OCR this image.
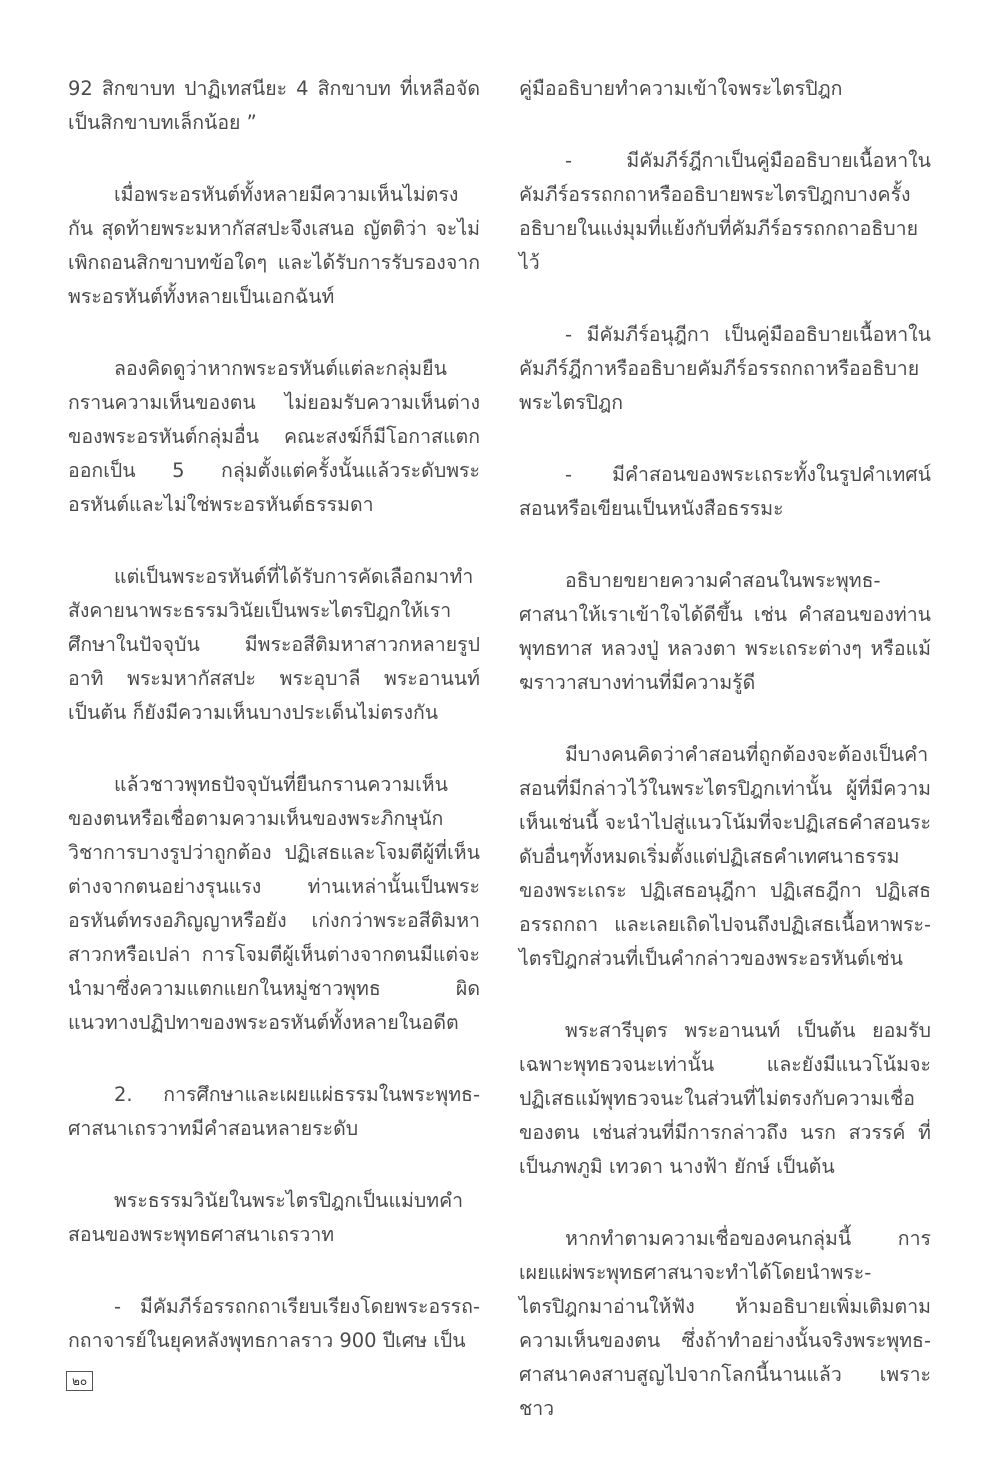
92 สิกขาบท ปาฏิเทสนียะ 4 สิกขาบท ที่เหลือจัดเป็นสิกขาบทเล็กน้อย ”

เมื่อพระอรหันต์ทั้งหลายมีความเห็นไม่ตรงกัน สุดท้ายพระมหากัสสปะจึงเสนอ ญัตติว่า จะไม่เพิกถอนสิกขาบทข้อใดๆ และได้รับการรับรองจากพระอรหันต์ทั้งหลายเป็นเอกฉันท์

ลองคิดดูว่าหากพระอรหันต์แต่ละกลุ่มยืนกรานความเห็นของตน ไม่ยอมรับความเห็นต่างของพระอรหันต์กลุ่มอื่น คณะสงฆ์ก็มีโอกาสแตกออกเป็น 5 กลุ่มตั้งแต่ครั้งนั้นแล้วระดับพระอรหันต์และไม่ใช่พระอรหันต์ธรรมดา

แต่เป็นพระอรหันต์ที่ได้รับการคัดเลือกมาทำสังคายนาพระธรรมวินัยเป็นพระไตรปิฎกให้เราศึกษาในปัจจุบัน มีพระอสีติมหาสาวกหลายรูป อาทิ พระมหากัสสปะ พระอุบาลี พระอานนท์เป็นต้น ก็ยังมีความเห็นบางประเด็นไม่ตรงกัน

แล้วชาวพุทธปัจจุบันที่ยืนกรานความเห็นของตนหรือเชื่อตามความเห็นของพระภิกษุนักวิชาการบางรูปว่าถูกต้อง ปฏิเสธและโจมตีผู้ที่เห็นต่างจากตนอย่างรุนแรง ท่านเหล่านั้นเป็นพระอรหันต์ทรงอภิญญาหรือยัง เก่งกว่าพระอสีติมหาสาวกหรือเปล่า การโจมตีผู้เห็นต่างจากตนมีแต่จะนำมาซึ่งความแตกแยกในหมู่ชาวพุทธ ผิดแนวทางปฏิปทาของพระอรหันต์ทั้งหลายในอดีต

2. การศึกษาและเผยแผ่ธรรมในพระพุทธ-ศาสนาเถรวาทมีคำสอนหลายระดับ

พระธรรมวินัยในพระไตรปิฎกเป็นแม่บทคำสอนของพระพุทธศาสนาเถรวาท

- มีคัมภีร์อรรถกถาเรียบเรียงโดยพระอรรถ-กถาจารย์ในยุคหลังพุทธกาลราว 900 ปีเศษ เป็น

คู่มืออธิบายทำความเข้าใจพระไตรปิฎก

- มีคัมภีร์ฎีกาเป็นคู่มืออธิบายเนื้อหาในคัมภีร์อรรถกถาหรืออธิบายพระไตรปิฎกบางครั้งอธิบายในแง่มุมที่แย้งกับที่คัมภีร์อรรถกถาอธิบายไว้

- มีคัมภีร์อนุฎีกา เป็นคู่มืออธิบายเนื้อหาในคัมภีร์ฎีกาหรืออธิบายคัมภีร์อรรถกถาหรืออธิบายพระไตรปิฎก

- มีคำสอนของพระเถระทั้งในรูปคำเทศน์สอนหรือเขียนเป็นหนังสือธรรมะ

อธิบายขยายความคำสอนในพระพุทธ-ศาสนาให้เราเข้าใจได้ดีขึ้น เช่น คำสอนของท่านพุทธทาส หลวงปู่ หลวงตา พระเถระต่างๆ หรือแม้ฆราวาสบางท่านที่มีความรู้ดี

มีบางคนคิดว่าคำสอนที่ถูกต้องจะต้องเป็นคำสอนที่มีกล่าวไว้ในพระไตรปิฎกเท่านั้น ผู้ที่มีความเห็นเช่นนี้ จะนำไปสู่แนวโน้มที่จะปฏิเสธคำสอนระดับอื่นๆทั้งหมดเริ่มตั้งแต่ปฏิเสธคำเทศนาธรรมของพระเถระ ปฏิเสธอนุฎีกา ปฏิเสธฎีกา ปฏิเสธอรรถกถา และเลยเถิดไปจนถึงปฏิเสธเนื้อหาพระ-ไตรปิฎกส่วนที่เป็นคำกล่าวของพระอรหันต์เช่น

พระสารีบุตร พระอานนท์ เป็นต้น ยอมรับเฉพาะพุทธวจนะเท่านั้น และยังมีแนวโน้มจะปฏิเสธแม้พุทธวจนะในส่วนที่ไม่ตรงกับความเชื่อของตน เช่นส่วนที่มีการกล่าวถึง นรก สวรรค์ ที่เป็นภพภูมิ เทวดา นางฟ้า ยักษ์ เป็นต้น

หากทำตามความเชื่อของคนกลุ่มนี้ การเผยแผ่พระพุทธศาสนาจะทำได้โดยนำพระ-ไตรปิฎกมาอ่านให้ฟัง ห้ามอธิบายเพิ่มเติมตามความเห็นของตน ซึ่งถ้าทำอย่างนั้นจริงพระพุทธ-ศาสนาคงสาบสูญไปจากโลกนี้นานแล้ว เพราะชาว

๒๐
